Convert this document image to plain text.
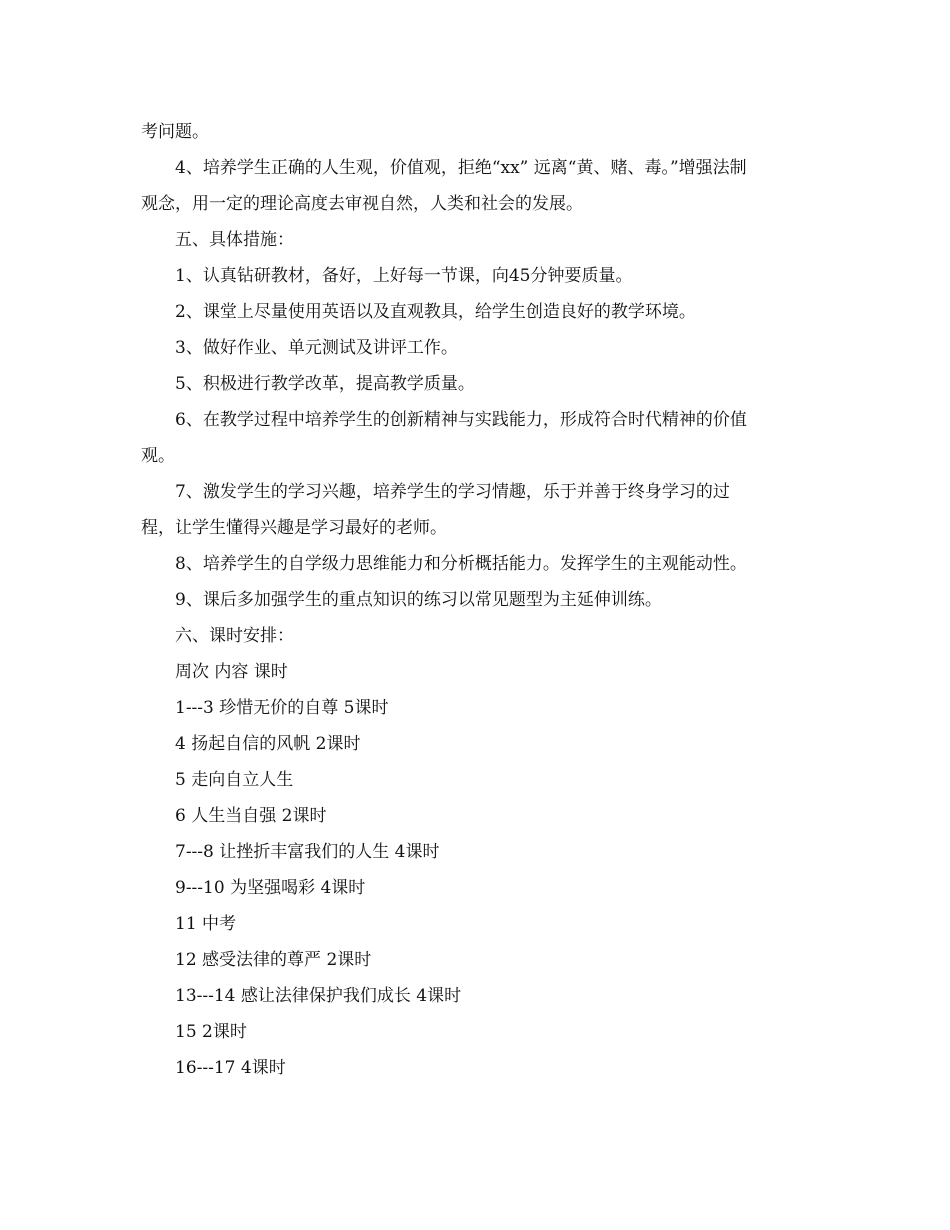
考问题。
4、培养学生正确的人生观，价值观，拒绝“xx” 远离“黄、赌、毒。”增强法制
观念，用一定的理论高度去审视自然，人类和社会的发展。
五、具体措施：
1、认真钻研教材，备好，上好每一节课，向45分钟要质量。
2、课堂上尽量使用英语以及直观教具，给学生创造良好的教学环境。
3、做好作业、单元测试及讲评工作。
5、积极进行教学改革，提高教学质量。
6、在教学过程中培养学生的创新精神与实践能力，形成符合时代精神的价值
观。
7、激发学生的学习兴趣，培养学生的学习情趣，乐于并善于终身学习的过
程，让学生懂得兴趣是学习最好的老师。
8、培养学生的自学级力思维能力和分析概括能力。发挥学生的主观能动性。
9、课后多加强学生的重点知识的练习以常见题型为主延伸训练。
六、课时安排：
周次 内容 课时
1---3 珍惜无价的自尊 5课时
4 扬起自信的风帆 2课时
5 走向自立人生
6 人生当自强 2课时
7---8 让挫折丰富我们的人生 4课时
9---10 为坚强喝彩 4课时
11 中考
12 感受法律的尊严 2课时
13---14 感让法律保护我们成长 4课时
15 2课时
16---17 4课时
